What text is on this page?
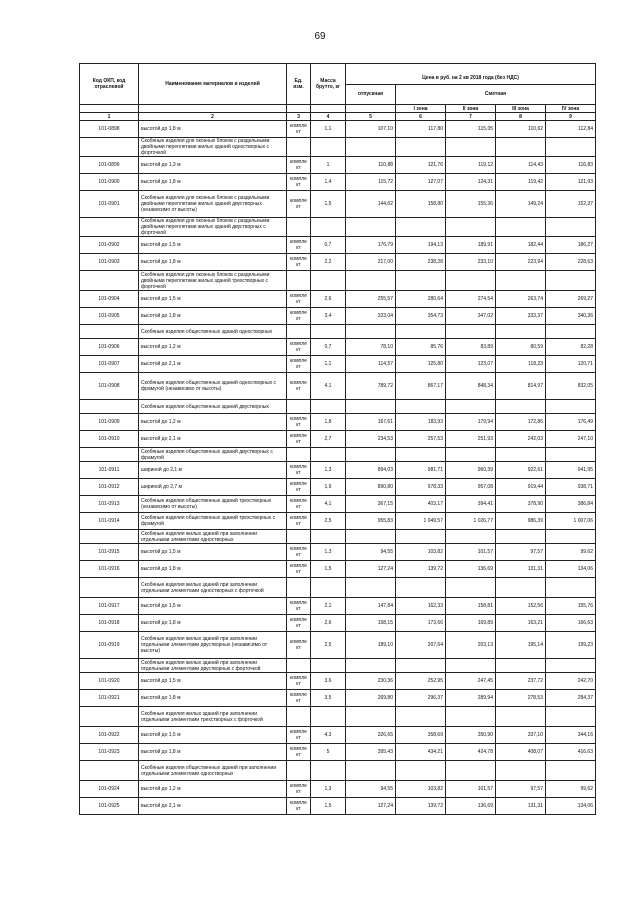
69
Код ОКП, код отраслевой	Наименование материалов и изделий	Ед. изм.	Масса брутто, кг					
				Цена в руб. на 2 кв 2018 года (без НДС)				
				отпускная	Сметная			
					I зона	II зона	III зона	IV зона
1	2	3	4	5	6	7	8	9
101-0898	высотой до 1,8 м	компле кт	1,1	107,10	117,80	115,05	110,62	112,84
	Скобяные изделия для оконных блоков с раздельными двойными переплетами жилых зданий одностворных с форточкой							
101-0899	высотой до 1,3 м	компле кт	1	110,88	121,76	119,12	114,43	116,83
101-0900	высотой до 1,8 м	компле кт	1,4	115,72	127,07	124,31	119,42	121,93
101-0901	Скобяные изделия для оконных блоков с раздельными двойными переплетами жилых зданий двустворных (независимо от высоты)	компле кт	1,5	144,62	158,80	155,36	149,24	152,37
	Скобяные изделия для оконных блоков с раздельными двойными переплетами жилых зданий двустворных с форточкой							
101-0902	высотой до 1,5 м	компле кт	0,7	176,79	194,13	189,91	182,44	186,27
101-0903	высотой до 1,8 м	компле кт	2,2	217,00	238,28	233,10	223,94	228,63
	Скобяные изделия для оконных блоков с раздельными двойными переплетами жилых зданий трехстворных с форточкой							
101-0904	высотой до 1,5 м	компле кт	2,6	255,57	280,64	274,54	263,74	269,27
101-0905	высотой до 1,8 м	компле кт	3,4	323,04	354,73	347,02	333,37	340,36
	Скобяные изделия общественных зданий одностворных							
101-0906	высотой до 1,2 м	компле кт	0,7	78,10	85,76	83,89	80,59	82,28
101-0907	высотой до 2,1 м	компле кт	1,1	114,57	125,80	123,07	118,23	120,71
101-0908	Скобяные изделия общественных зданий одностворных с фрамугой (независимо от высоты)	компле кт	4,1	789,72	867,17	848,34	814,97	832,05
	Скобяные изделия общественных зданий двустворных							
101-0909	высотой до 1,2 м	компле кт	1,8	167,61	183,93	179,94	172,86	176,49
101-0910	высотой до 2,1 м	компле кт	2,7	234,53	257,53	251,93	242,03	247,10
	Скобяные изделия общественных зданий двустворных с фрамугой							
101-0911	шириной до 2,1 м	компле кт	1,3	894,03	981,71	960,39	922,61	941,95
101-0912	шириной до 2,7 м	компле кт	1,9	890,80	978,33	957,08	919,44	938,71
101-0913	Скобяные изделия общественных зданий трехстворных (независимо от высоты)	компле кт	4,1	367,15	403,17	394,41	378,90	386,84
101-0914	Скобяные изделия общественных зданий трехстворных с фрамугой	компле кт	2,5	955,83	1 049,57	1 026,77	986,39	1 007,06
	Скобяные изделия жилых зданий при заполнении отдельными элементами одностворных							
101-0915	высотой до 1,5 м	компле кт	1,3	94,55	103,82	101,57	97,57	99,62
101-0916	высотой до 1,8 м	компле кт	1,5	127,24	139,72	136,69	131,31	134,06
	Скобяные изделия жилых зданий при заполнении отдельными элементами одностворных с форточкой							
101-0917	высотой до 1,5 м	компле кт	2,1	147,84	162,33	158,81	152,56	155,76
101-0918	высотой до 1,8 м	компле кт	2,6	158,15	173,66	169,89	163,21	166,63
101-0919	Скобяные изделия жилых зданий при заполнении отдельными элементами двустворных (независимо от высоты)	компле кт	2,5	189,10	207,64	203,13	195,14	199,23
	Скобяные изделия жилых зданий при заполнении отдельными элементами двустворных с форточкой							
101-0920	высотой до 1,5 м	компле кт	3,6	230,36	252,95	247,45	237,72	242,70
101-0921	высотой до 1,8 м	компле кт	3,5	269,80	296,37	289,94	278,53	284,37
	Скобяные изделия жилых зданий при заполнении отдельными элементами трехстворных с форточкой							
101-0922	высотой до 1,5 м	компле кт	4,3	326,65	358,69	350,90	337,10	344,16
101-0923	высотой до 1,8 м	компле кт	5	395,43	434,21	424,78	408,07	416,63
	Скобяные изделия общественных зданий при заполнении отдельными элементами одностворных							
101-0924	высотой до 1,2 м	компле кт	1,3	94,55	103,82	101,57	97,57	99,62
101-0925	высотой до 2,1 м	компле кт	1,5	127,24	139,72	136,69	131,31	134,06
